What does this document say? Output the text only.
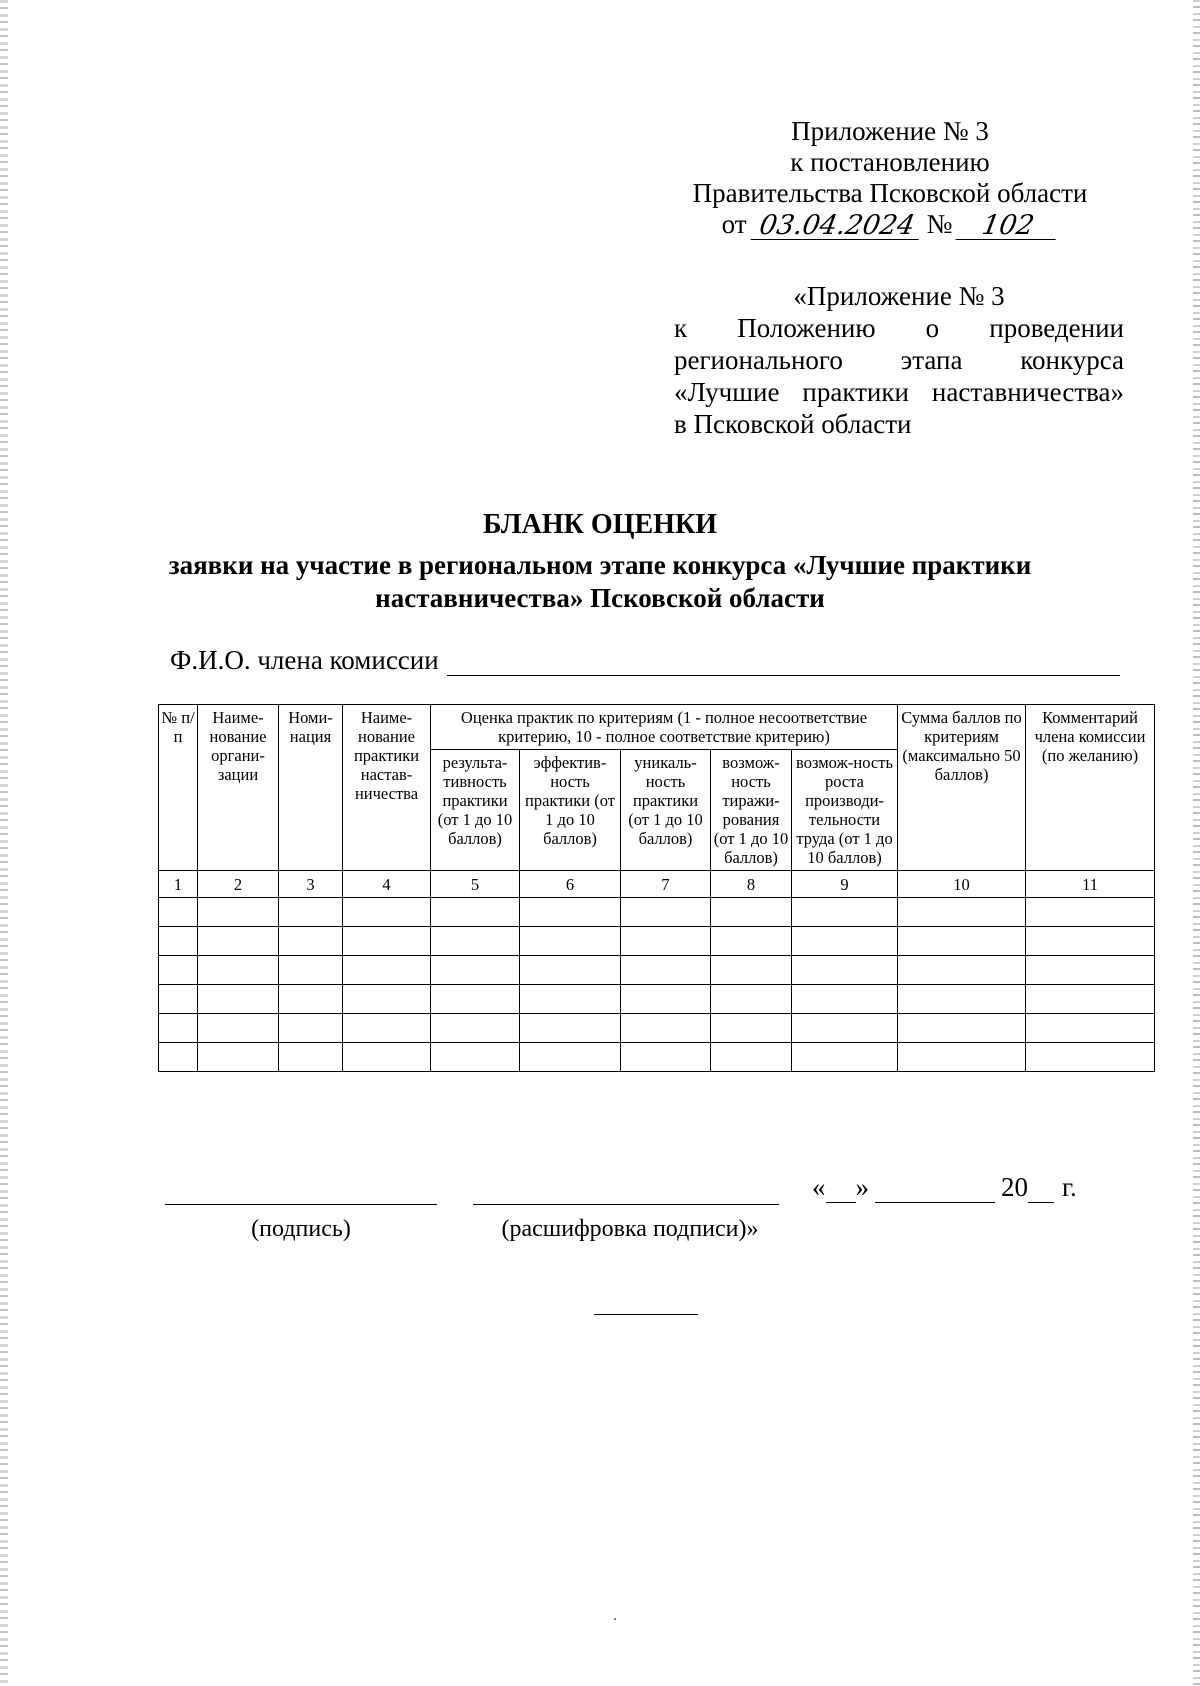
Приложение № 3
к постановлению
Правительства Псковской области
от 03.04.2024 №	102
«Приложение № 3
к Положению о проведении
регионального этапа конкурса
«Лучшие практики наставничества»
в Псковской области
БЛАНК ОЦЕНКИ
заявки на участие в региональном этапе конкурса «Лучшие практики наставничества» Псковской области
Ф.И.О. члена комиссии
№ п/п	Наиме-нование органи-зации	Номи-нация	Наиме-нование практики настав-ничества	Оценка практик по критериям (1 - полное несоответствие критерию, 10 - полное соответствие критерию)					Сумма баллов по критериям (максимально 50 баллов)	Комментарий члена комиссии (по желанию)
				результа-тивность практики (от 1 до 10 баллов)	эффектив-ность практики (от 1 до 10 баллов)	уникаль-ность практики (от 1 до 10 баллов)	возмож-ность тиражи-рования (от 1 до 10 баллов)	возмож-ность роста производи-тельности труда (от 1 до 10 баллов)		
1	2	3	4	5	6	7	8	9	10	11

(подпись)	(расшифровка подписи)»
« »	20 г.
